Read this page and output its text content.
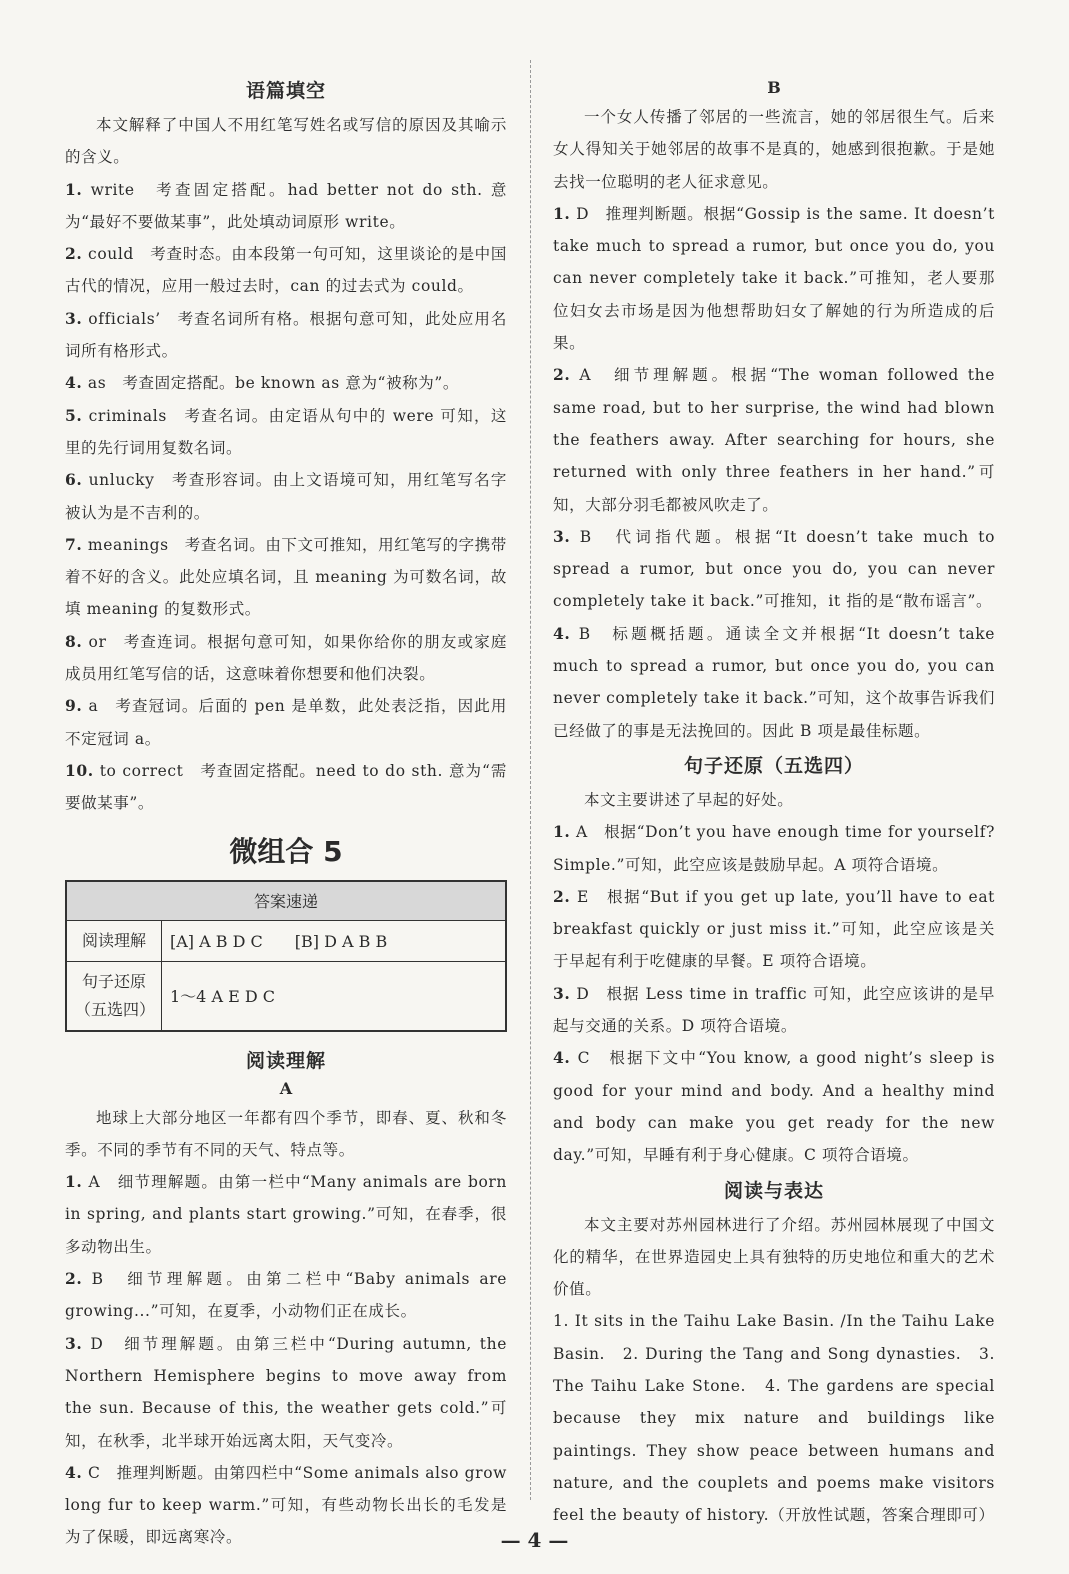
语篇填空

本文解释了中国人不用红笔写姓名或写信的原因及其喻示的含义。

1. write　考查固定搭配。had better not do sth. 意为“最好不要做某事”，此处填动词原形 write。

2. could　考查时态。由本段第一句可知，这里谈论的是中国古代的情况，应用一般过去时，can 的过去式为 could。

3. officials’　考查名词所有格。根据句意可知，此处应用名词所有格形式。

4. as　考查固定搭配。be known as 意为“被称为”。

5. criminals　考查名词。由定语从句中的 were 可知，这里的先行词用复数名词。

6. unlucky　考查形容词。由上文语境可知，用红笔写名字被认为是不吉利的。

7. meanings　考查名词。由下文可推知，用红笔写的字携带着不好的含义。此处应填名词，且 meaning 为可数名词，故填 meaning 的复数形式。

8. or　考查连词。根据句意可知，如果你给你的朋友或家庭成员用红笔写信的话，这意味着你想要和他们决裂。

9. a　考查冠词。后面的 pen 是单数，此处表泛指，因此用不定冠词 a。

10. to correct　考查固定搭配。need to do sth. 意为“需要做某事”。

微组合 5
答案速递	
阅读理解	[A] A B D C　　[B] D A B B
句子还原（五选四）	1～4 A E D C
阅读理解
A

地球上大部分地区一年都有四个季节，即春、夏、秋和冬季。不同的季节有不同的天气、特点等。

1. A　细节理解题。由第一栏中“Many animals are born in spring, and plants start growing.”可知，在春季，很多动物出生。

2. B　细节理解题。由第二栏中“Baby animals are growing...”可知，在夏季，小动物们正在成长。

3. D　细节理解题。由第三栏中“During autumn, the Northern Hemisphere begins to move away from the sun. Because of this, the weather gets cold.”可知，在秋季，北半球开始远离太阳，天气变冷。

4. C　推理判断题。由第四栏中“Some animals also grow long fur to keep warm.”可知，有些动物长出长的毛发是为了保暖，即远离寒冷。

B

一个女人传播了邻居的一些流言，她的邻居很生气。后来女人得知关于她邻居的故事不是真的，她感到很抱歉。于是她去找一位聪明的老人征求意见。

1. D　推理判断题。根据“Gossip is the same. It doesn’t take much to spread a rumor, but once you do, you can never completely take it back.”可推知，老人要那位妇女去市场是因为他想帮助妇女了解她的行为所造成的后果。

2. A　细节理解题。根据“The woman followed the same road, but to her surprise, the wind had blown the feathers away. After searching for hours, she returned with only three feathers in her hand.”可知，大部分羽毛都被风吹走了。

3. B　代词指代题。根据“It doesn’t take much to spread a rumor, but once you do, you can never completely take it back.”可推知，it 指的是“散布谣言”。

4. B　标题概括题。通读全文并根据“It doesn’t take much to spread a rumor, but once you do, you can never completely take it back.”可知，这个故事告诉我们已经做了的事是无法挽回的。因此 B 项是最佳标题。

句子还原（五选四）

本文主要讲述了早起的好处。

1. A　根据“Don’t you have enough time for yourself? Simple.”可知，此空应该是鼓励早起。A 项符合语境。

2. E　根据“But if you get up late, you’ll have to eat breakfast quickly or just miss it.”可知，此空应该是关于早起有利于吃健康的早餐。E 项符合语境。

3. D　根据 Less time in traffic 可知，此空应该讲的是早起与交通的关系。D 项符合语境。

4. C　根据下文中“You know, a good night’s sleep is good for your mind and body. And a healthy mind and body can make you get ready for the new day.”可知，早睡有利于身心健康。C 项符合语境。

阅读与表达

本文主要对苏州园林进行了介绍。苏州园林展现了中国文化的精华，在世界造园史上具有独特的历史地位和重大的艺术价值。

1. It sits in the Taihu Lake Basin. /In the Taihu Lake Basin.　2. During the Tang and Song dynasties.　3. The Taihu Lake Stone.　4. The gardens are special because they mix nature and buildings like paintings. They show peace between humans and nature, and the couplets and poems make visitors feel the beauty of history.（开放性试题，答案合理即可）

— 4 —
